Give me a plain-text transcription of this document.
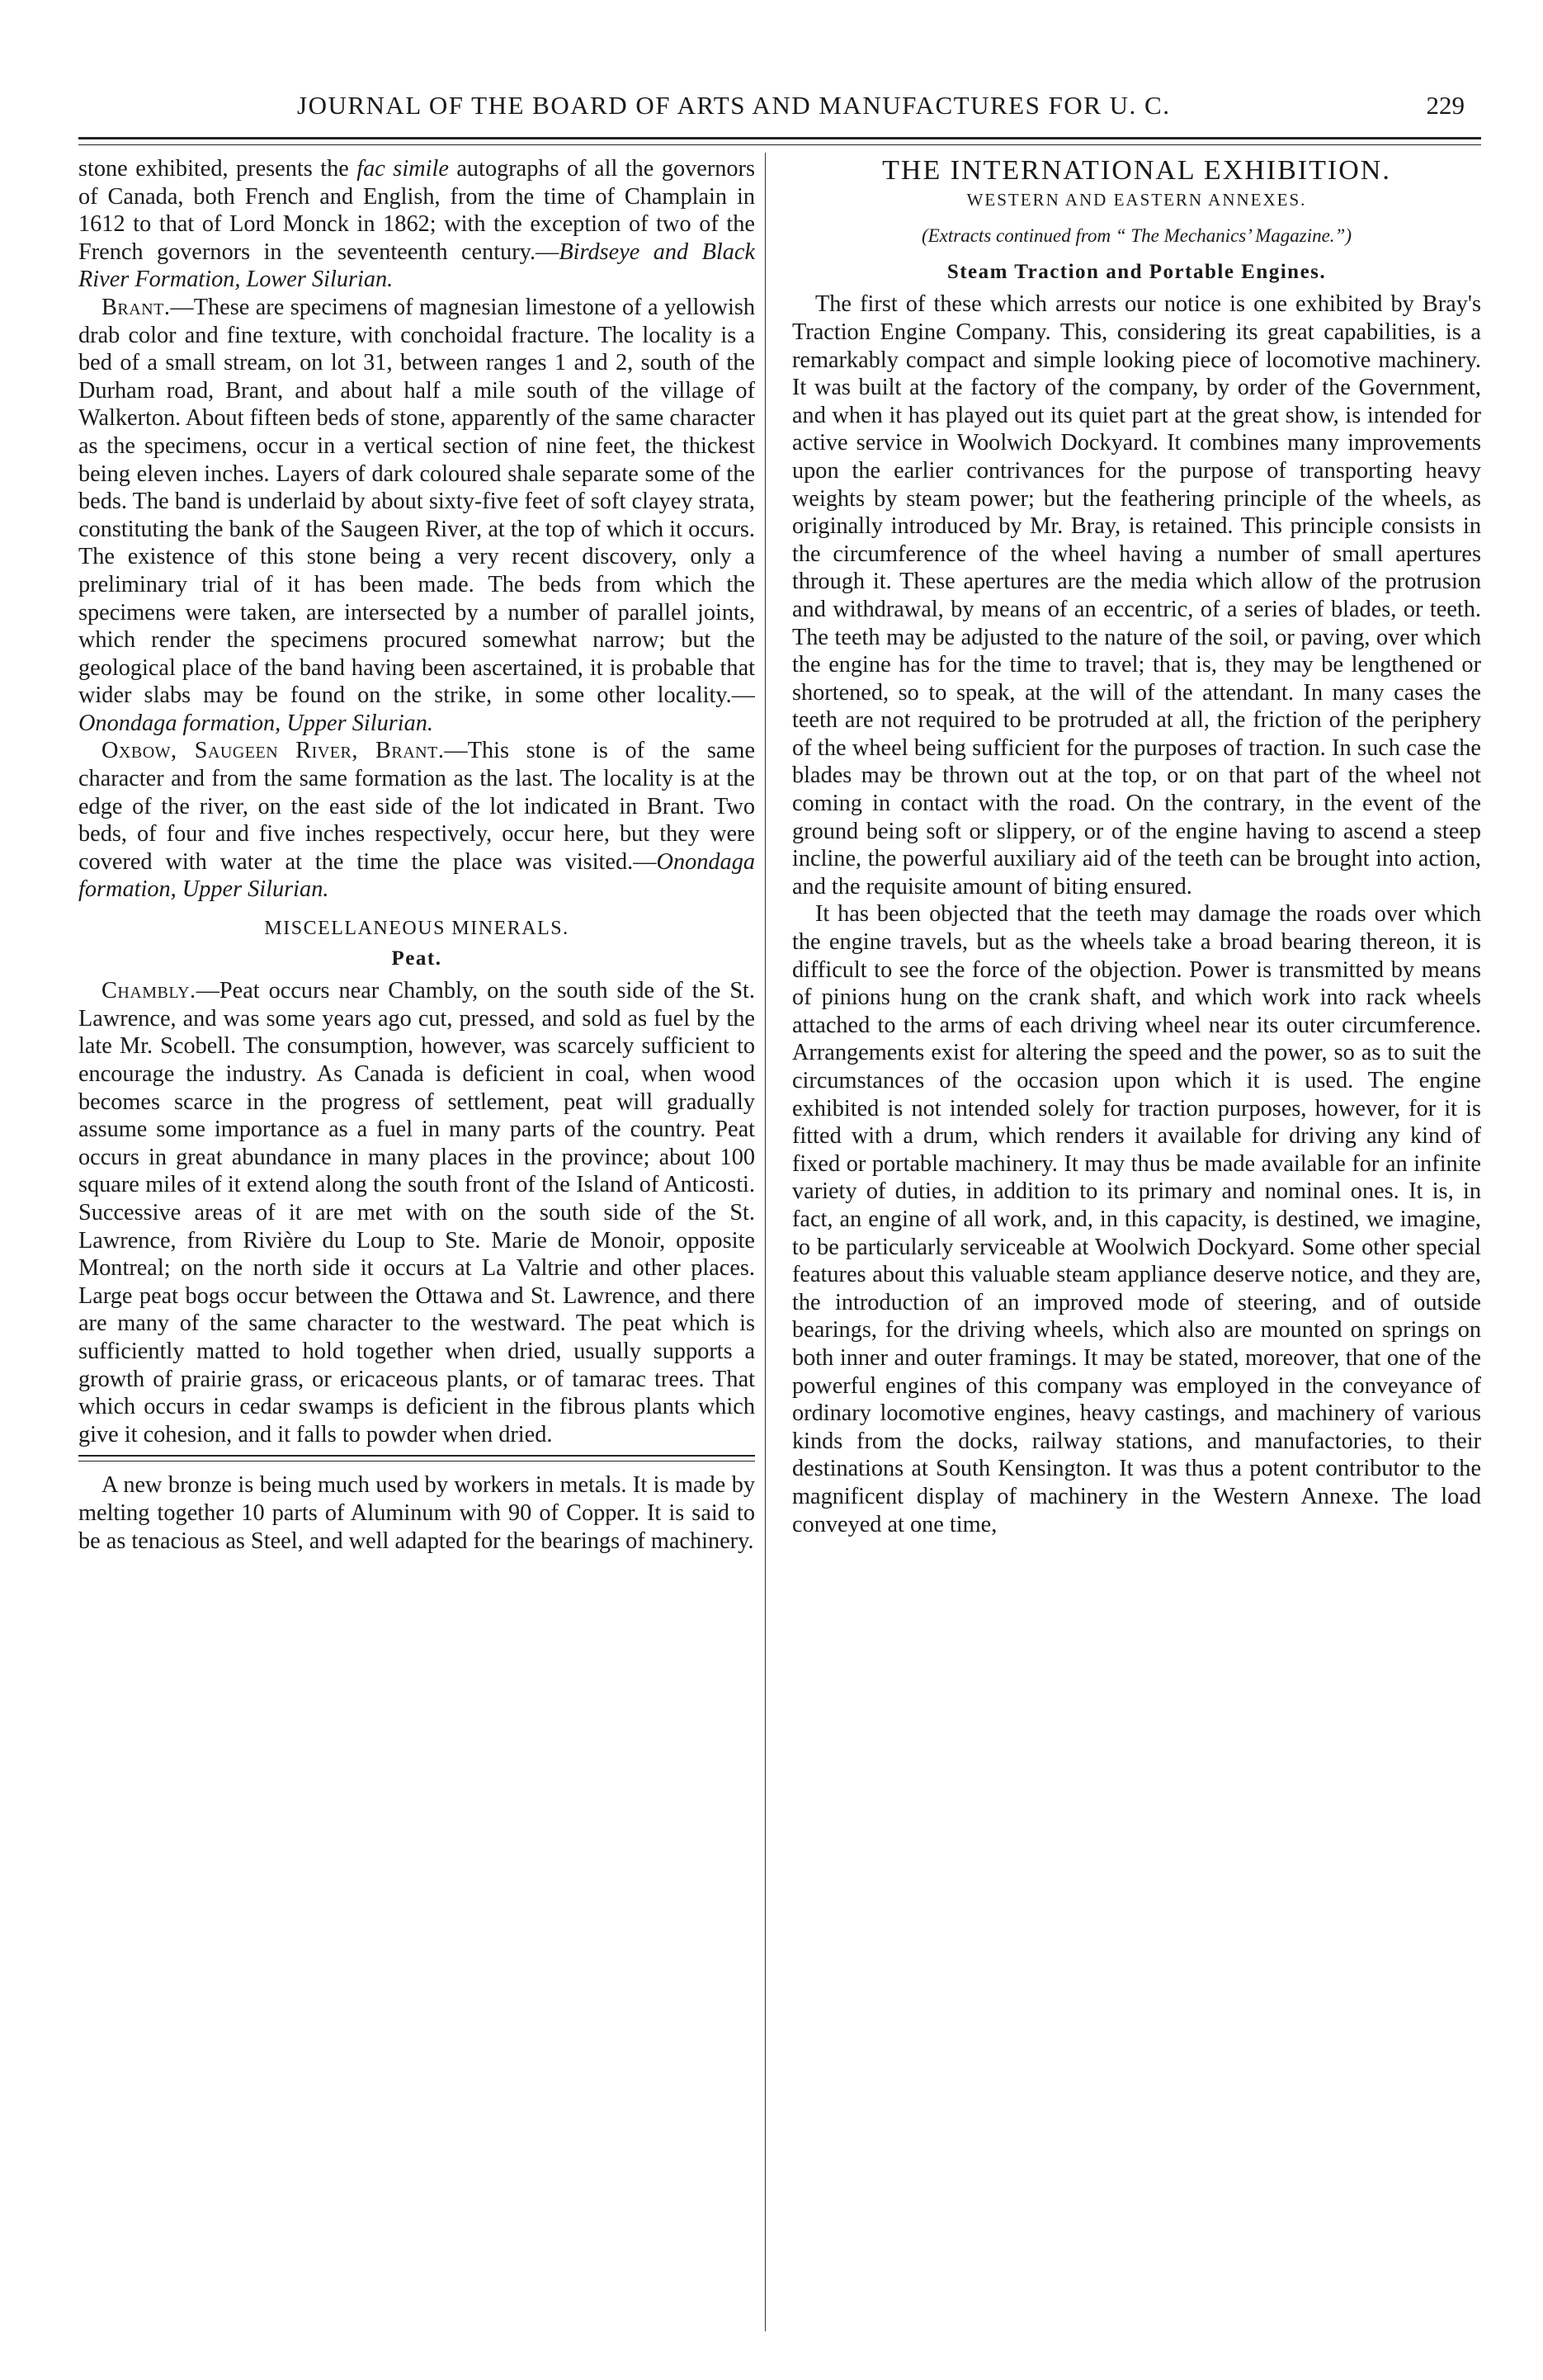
JOURNAL OF THE BOARD OF ARTS AND MANUFACTURES FOR U. C.	229

stone exhibited, presents the fac simile autographs of all the governors of Canada, both French and English, from the time of Champlain in 1612 to that of Lord Monck in 1862; with the exception of two of the French governors in the seventeenth century.—Birdseye and Black River Formation, Lower Silurian.

Brant.—These are specimens of magnesian limestone of a yellowish drab color and fine texture, with conchoidal fracture. The locality is a bed of a small stream, on lot 31, between ranges 1 and 2, south of the Durham road, Brant, and about half a mile south of the village of Walkerton. About fifteen beds of stone, apparently of the same character as the specimens, occur in a vertical section of nine feet, the thickest being eleven inches. Layers of dark coloured shale separate some of the beds. The band is underlaid by about sixty-five feet of soft clayey strata, constituting the bank of the Saugeen River, at the top of which it occurs. The existence of this stone being a very recent discovery, only a preliminary trial of it has been made. The beds from which the specimens were taken, are intersected by a number of parallel joints, which render the specimens procured somewhat narrow; but the geological place of the band having been ascertained, it is probable that wider slabs may be found on the strike, in some other locality.—Onondaga formation, Upper Silurian.

Oxbow, Saugeen River, Brant.—This stone is of the same character and from the same formation as the last. The locality is at the edge of the river, on the east side of the lot indicated in Brant. Two beds, of four and five inches respectively, occur here, but they were covered with water at the time the place was visited.—Onondaga formation, Upper Silurian.

MISCELLANEOUS MINERALS.
Peat.

Chambly.—Peat occurs near Chambly, on the south side of the St. Lawrence, and was some years ago cut, pressed, and sold as fuel by the late Mr. Scobell. The consumption, however, was scarcely sufficient to encourage the industry. As Canada is deficient in coal, when wood becomes scarce in the progress of settlement, peat will gradually assume some importance as a fuel in many parts of the country. Peat occurs in great abundance in many places in the province; about 100 square miles of it extend along the south front of the Island of Anticosti. Successive areas of it are met with on the south side of the St. Lawrence, from Rivière du Loup to Ste. Marie de Monoir, opposite Montreal; on the north side it occurs at La Valtrie and other places. Large peat bogs occur between the Ottawa and St. Lawrence, and there are many of the same character to the westward. The peat which is sufficiently matted to hold together when dried, usually supports a growth of prairie grass, or ericaceous plants, or of tamarac trees. That which occurs in cedar swamps is deficient in the fibrous plants which give it cohesion, and it falls to powder when dried.

A new bronze is being much used by workers in metals. It is made by melting together 10 parts of Aluminum with 90 of Copper. It is said to be as tenacious as Steel, and well adapted for the bearings of machinery.

THE INTERNATIONAL EXHIBITION.
WESTERN AND EASTERN ANNEXES.
(Extracts continued from “ The Mechanics’ Magazine.”)
Steam Traction and Portable Engines.

The first of these which arrests our notice is one exhibited by Bray's Traction Engine Company. This, considering its great capabilities, is a remarkably compact and simple looking piece of locomotive machinery. It was built at the factory of the company, by order of the Government, and when it has played out its quiet part at the great show, is intended for active service in Woolwich Dockyard. It combines many improvements upon the earlier contrivances for the purpose of transporting heavy weights by steam power; but the feathering principle of the wheels, as originally introduced by Mr. Bray, is retained. This principle consists in the circumference of the wheel having a number of small apertures through it. These apertures are the media which allow of the protrusion and withdrawal, by means of an eccentric, of a series of blades, or teeth. The teeth may be adjusted to the nature of the soil, or paving, over which the engine has for the time to travel; that is, they may be lengthened or shortened, so to speak, at the will of the attendant. In many cases the teeth are not required to be protruded at all, the friction of the periphery of the wheel being sufficient for the purposes of traction. In such case the blades may be thrown out at the top, or on that part of the wheel not coming in contact with the road. On the contrary, in the event of the ground being soft or slippery, or of the engine having to ascend a steep incline, the powerful auxiliary aid of the teeth can be brought into action, and the requisite amount of biting ensured.

It has been objected that the teeth may damage the roads over which the engine travels, but as the wheels take a broad bearing thereon, it is difficult to see the force of the objection. Power is transmitted by means of pinions hung on the crank shaft, and which work into rack wheels attached to the arms of each driving wheel near its outer circumference. Arrangements exist for altering the speed and the power, so as to suit the circumstances of the occasion upon which it is used. The engine exhibited is not intended solely for traction purposes, however, for it is fitted with a drum, which renders it available for driving any kind of fixed or portable machinery. It may thus be made available for an infinite variety of duties, in addition to its primary and nominal ones. It is, in fact, an engine of all work, and, in this capacity, is destined, we imagine, to be particularly serviceable at Woolwich Dockyard. Some other special features about this valuable steam appliance deserve notice, and they are, the introduction of an improved mode of steering, and of outside bearings, for the driving wheels, which also are mounted on springs on both inner and outer framings. It may be stated, moreover, that one of the powerful engines of this company was employed in the conveyance of ordinary locomotive engines, heavy castings, and machinery of various kinds from the docks, railway stations, and manufactories, to their destinations at South Kensington. It was thus a potent contributor to the magnificent display of machinery in the Western Annexe. The load conveyed at one time,
